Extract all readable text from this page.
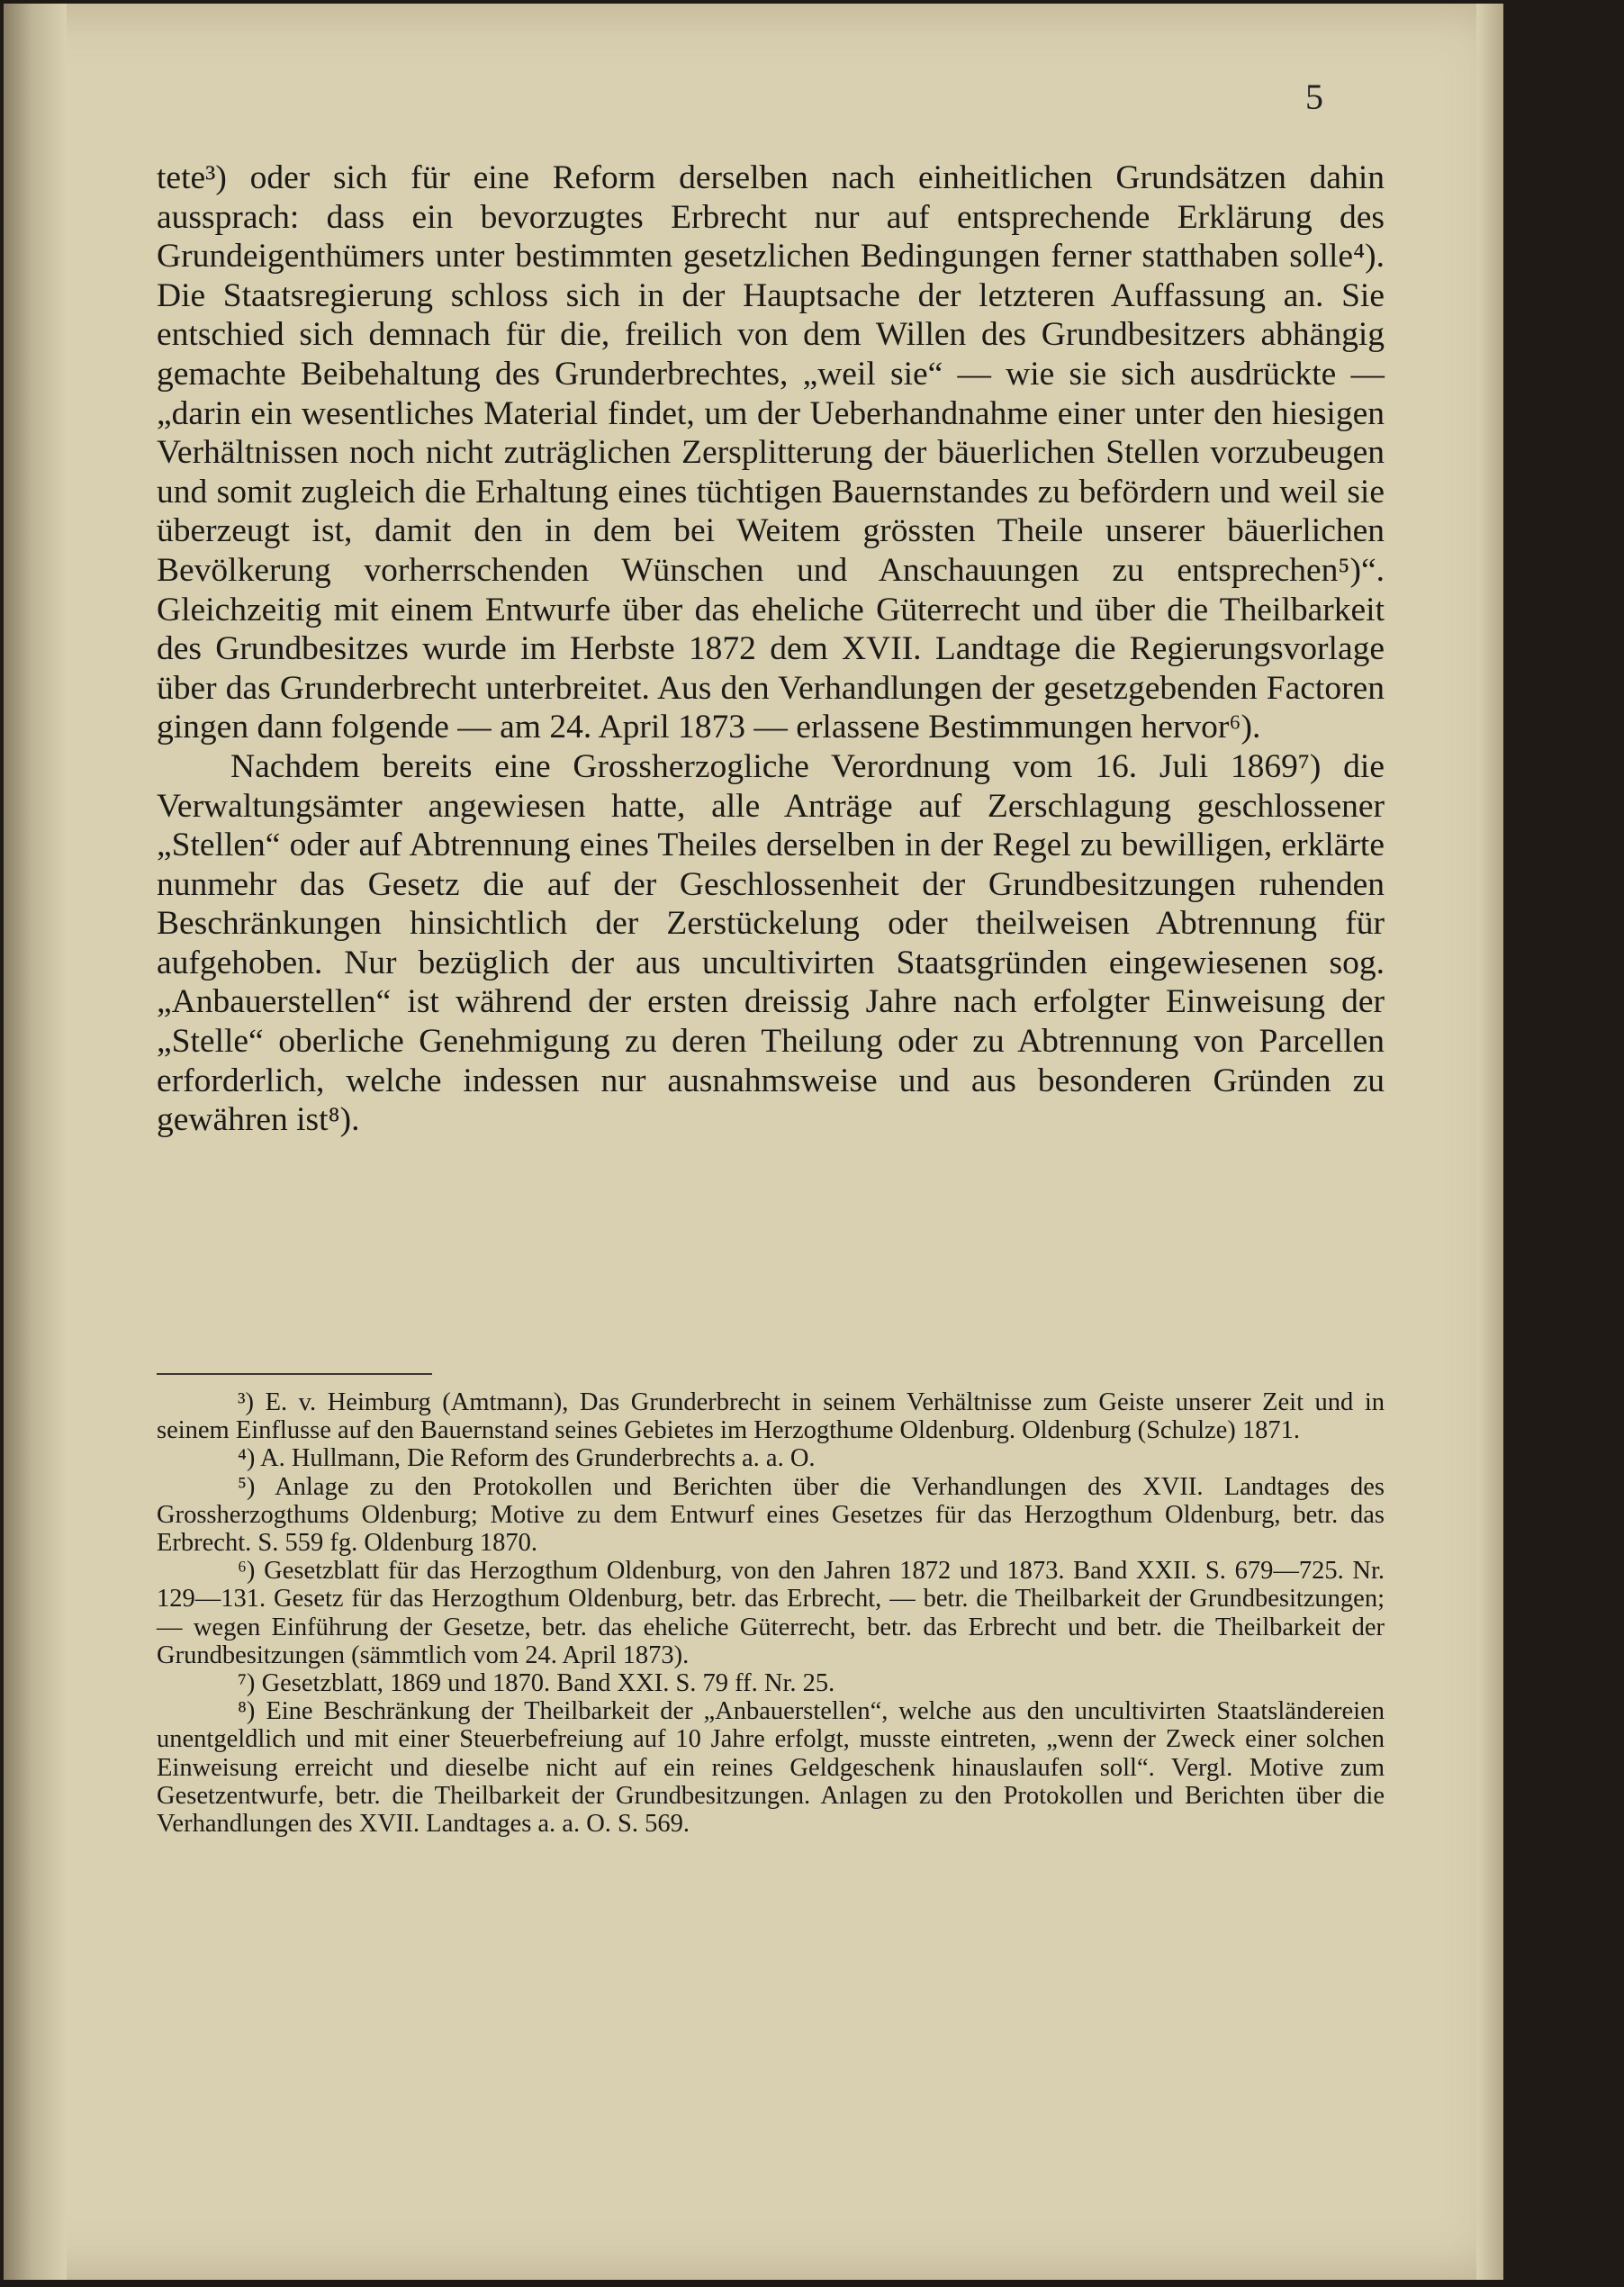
5

tete³) oder sich für eine Reform derselben nach einheitlichen Grundsätzen dahin aussprach: dass ein bevorzugtes Erbrecht nur auf entsprechende Erklärung des Grundeigenthümers unter bestimmten gesetzlichen Bedingungen ferner statthaben solle⁴). Die Staatsregierung schloss sich in der Hauptsache der letzteren Auffassung an. Sie entschied sich demnach für die, freilich von dem Willen des Grundbesitzers abhängig gemachte Beibehaltung des Grunderbrechtes, „weil sie“ — wie sie sich ausdrückte — „darin ein wesentliches Material findet, um der Ueberhandnahme einer unter den hiesigen Verhältnissen noch nicht zuträglichen Zersplitterung der bäuerlichen Stellen vorzubeugen und somit zugleich die Erhaltung eines tüchtigen Bauernstandes zu befördern und weil sie überzeugt ist, damit den in dem bei Weitem grössten Theile unserer bäuerlichen Bevölkerung vorherrschenden Wünschen und Anschauungen zu entsprechen⁵)“. Gleichzeitig mit einem Entwurfe über das eheliche Güterrecht und über die Theilbarkeit des Grundbesitzes wurde im Herbste 1872 dem XVII. Landtage die Regierungsvorlage über das Grunderbrecht unterbreitet. Aus den Verhandlungen der gesetzgebenden Factoren gingen dann folgende — am 24. April 1873 — erlassene Bestimmungen hervor⁶).

Nachdem bereits eine Grossherzogliche Verordnung vom 16. Juli 1869⁷) die Verwaltungsämter angewiesen hatte, alle Anträge auf Zerschlagung geschlossener „Stellen“ oder auf Abtrennung eines Theiles derselben in der Regel zu bewilligen, erklärte nunmehr das Gesetz die auf der Geschlossenheit der Grundbesitzungen ruhenden Beschränkungen hinsichtlich der Zerstückelung oder theilweisen Abtrennung für aufgehoben. Nur bezüglich der aus uncultivirten Staatsgründen eingewiesenen sog. „Anbauerstellen“ ist während der ersten dreissig Jahre nach erfolgter Einweisung der „Stelle“ oberliche Genehmigung zu deren Theilung oder zu Abtrennung von Parcellen erforderlich, welche indessen nur ausnahmsweise und aus besonderen Gründen zu gewähren ist⁸).

³) E. v. Heimburg (Amtmann), Das Grunderbrecht in seinem Verhältnisse zum Geiste unserer Zeit und in seinem Einflusse auf den Bauernstand seines Gebietes im Herzogthume Oldenburg. Oldenburg (Schulze) 1871.

⁴) A. Hullmann, Die Reform des Grunderbrechts a. a. O.

⁵) Anlage zu den Protokollen und Berichten über die Verhandlungen des XVII. Landtages des Grossherzogthums Oldenburg; Motive zu dem Entwurf eines Gesetzes für das Herzogthum Oldenburg, betr. das Erbrecht. S. 559 fg. Oldenburg 1870.

⁶) Gesetzblatt für das Herzogthum Oldenburg, von den Jahren 1872 und 1873. Band XXII. S. 679—725. Nr. 129—131. Gesetz für das Herzogthum Oldenburg, betr. das Erbrecht, — betr. die Theilbarkeit der Grundbesitzungen; — wegen Einführung der Gesetze, betr. das eheliche Güterrecht, betr. das Erbrecht und betr. die Theilbarkeit der Grundbesitzungen (sämmtlich vom 24. April 1873).

⁷) Gesetzblatt, 1869 und 1870. Band XXI. S. 79 ff. Nr. 25.

⁸) Eine Beschränkung der Theilbarkeit der „Anbauerstellen“, welche aus den uncultivirten Staatsländereien unentgeldlich und mit einer Steuerbefreiung auf 10 Jahre erfolgt, musste eintreten, „wenn der Zweck einer solchen Einweisung erreicht und dieselbe nicht auf ein reines Geldgeschenk hinauslaufen soll“. Vergl. Motive zum Gesetzentwurfe, betr. die Theilbarkeit der Grundbesitzungen. Anlagen zu den Protokollen und Berichten über die Verhandlungen des XVII. Landtages a. a. O. S. 569.
